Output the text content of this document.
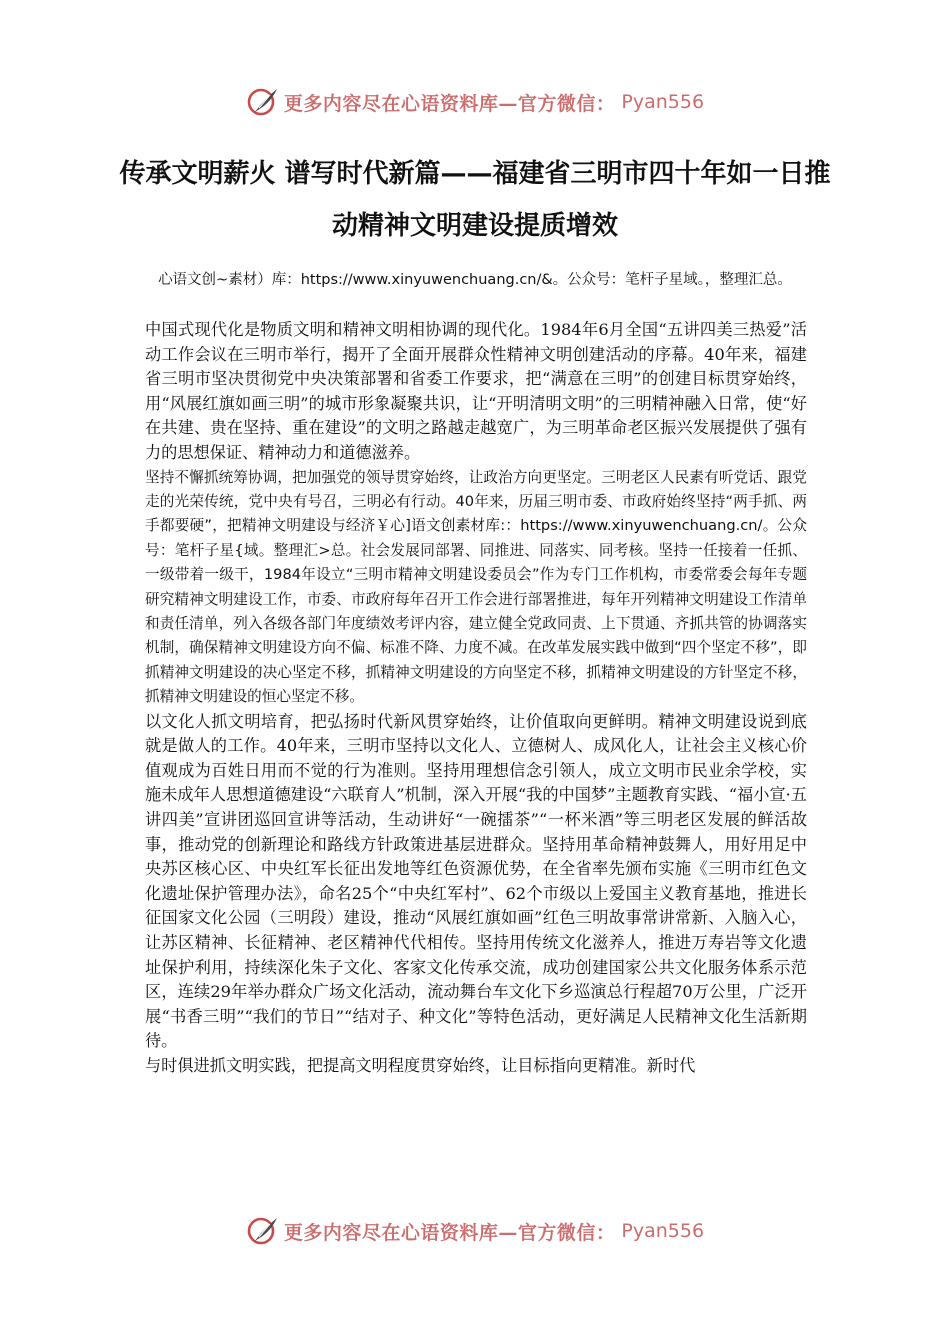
更多内容尽在心语资料库—官方微信： Pyan556
传承文明薪火 谱写时代新篇——福建省三明市四十年如一日推动精神文明建设提质增效
心语文创~素材）库：https://www.xinyuwenchuang.cn/&。公众号：笔杆子星域。，整理汇总。

中国式现代化是物质文明和精神文明相协调的现代化。1984年6月全国“五讲四美三热爱”活动工作会议在三明市举行，揭开了全面开展群众性精神文明创建活动的序幕。40年来，福建省三明市坚决贯彻党中央决策部署和省委工作要求，把“满意在三明”的创建目标贯穿始终，用“风展红旗如画三明”的城市形象凝聚共识，让“开明清明文明”的三明精神融入日常，使“好在共建、贵在坚持、重在建设”的文明之路越走越宽广，为三明革命老区振兴发展提供了强有力的思想保证、精神动力和道德滋养。

坚持不懈抓统筹协调，把加强党的领导贯穿始终，让政治方向更坚定。三明老区人民素有听党话、跟党走的光荣传统，党中央有号召，三明必有行动。40年来，历届三明市委、市政府始终坚持“两手抓、两手都要硬”，把精神文明建设与经济￥心]语文创素材库:：https://www.xinyuwenchuang.cn/。公众号：笔杆子星{域。整理汇>总。社会发展同部署、同推进、同落实、同考核。坚持一任接着一任抓、一级带着一级干，1984年设立“三明市精神文明建设委员会”作为专门工作机构，市委常委会每年专题研究精神文明建设工作，市委、市政府每年召开工作会进行部署推进，每年开列精神文明建设工作清单和责任清单，列入各级各部门年度绩效考评内容，建立健全党政同责、上下贯通、齐抓共管的协调落实机制，确保精神文明建设方向不偏、标准不降、力度不减。在改革发展实践中做到“四个坚定不移”，即抓精神文明建设的决心坚定不移，抓精神文明建设的方向坚定不移，抓精神文明建设的方针坚定不移，抓精神文明建设的恒心坚定不移。

以文化人抓文明培育，把弘扬时代新风贯穿始终，让价值取向更鲜明。精神文明建设说到底就是做人的工作。40年来，三明市坚持以文化人、立德树人、成风化人，让社会主义核心价值观成为百姓日用而不觉的行为准则。坚持用理想信念引领人，成立文明市民业余学校，实施未成年人思想道德建设“六联育人”机制，深入开展“我的中国梦”主题教育实践、“福小宣·五讲四美”宣讲团巡回宣讲等活动，生动讲好“一碗擂茶”“一杯米酒”等三明老区发展的鲜活故事，推动党的创新理论和路线方针政策进基层进群众。坚持用革命精神鼓舞人，用好用足中央苏区核心区、中央红军长征出发地等红色资源优势，在全省率先颁布实施《三明市红色文化遗址保护管理办法》，命名25个“中央红军村”、62个市级以上爱国主义教育基地，推进长征国家文化公园（三明段）建设，推动“风展红旗如画”红色三明故事常讲常新、入脑入心，让苏区精神、长征精神、老区精神代代相传。坚持用传统文化滋养人，推进万寿岩等文化遗址保护利用，持续深化朱子文化、客家文化传承交流，成功创建国家公共文化服务体系示范区，连续29年举办群众广场文化活动，流动舞台车文化下乡巡演总行程超70万公里，广泛开展“书香三明”“我们的节日”“结对子、种文化”等特色活动，更好满足人民精神文化生活新期待。

与时俱进抓文明实践，把提高文明程度贯穿始终，让目标指向更精准。新时代

更多内容尽在心语资料库—官方微信： Pyan556
